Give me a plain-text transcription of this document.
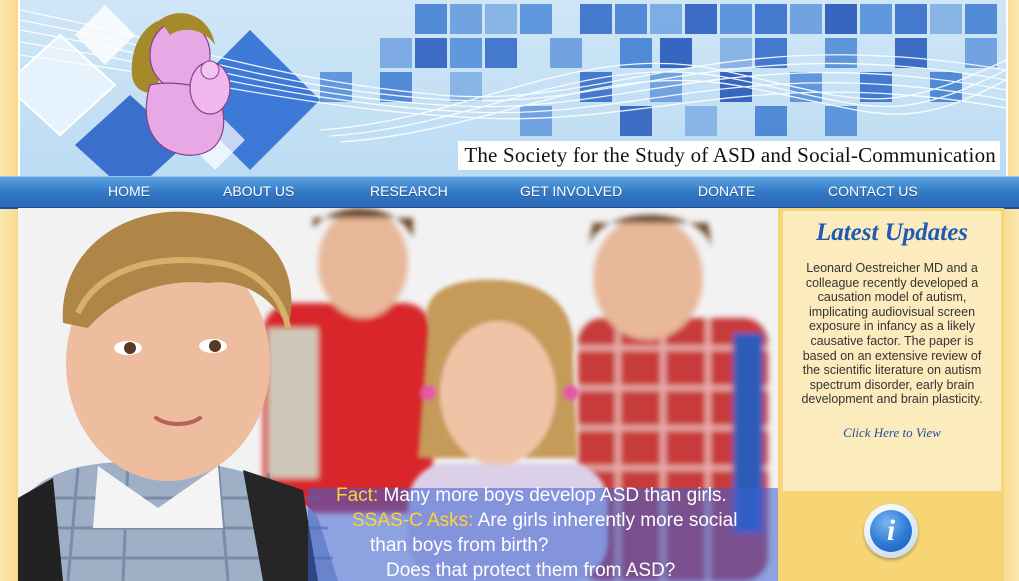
The Society for the Study of ASD and Social-Communication
HOME	ABOUT US	RESEARCH	GET INVOLVED	DONATE	CONTACT US
Fact: Many more boys develop ASD than girls.
SSAS-C Asks: Are girls inherently more social
than boys from birth?
Does that protect them from ASD?
Latest Updates
Leonard Oestreicher MD and a colleague recently developed a causation model of autism, implicating audiovisual screen exposure in infancy as a likely causative factor. The paper is based on an extensive review of the scientific literature on autism spectrum disorder, early brain development and brain plasticity.
Click Here to View
i
